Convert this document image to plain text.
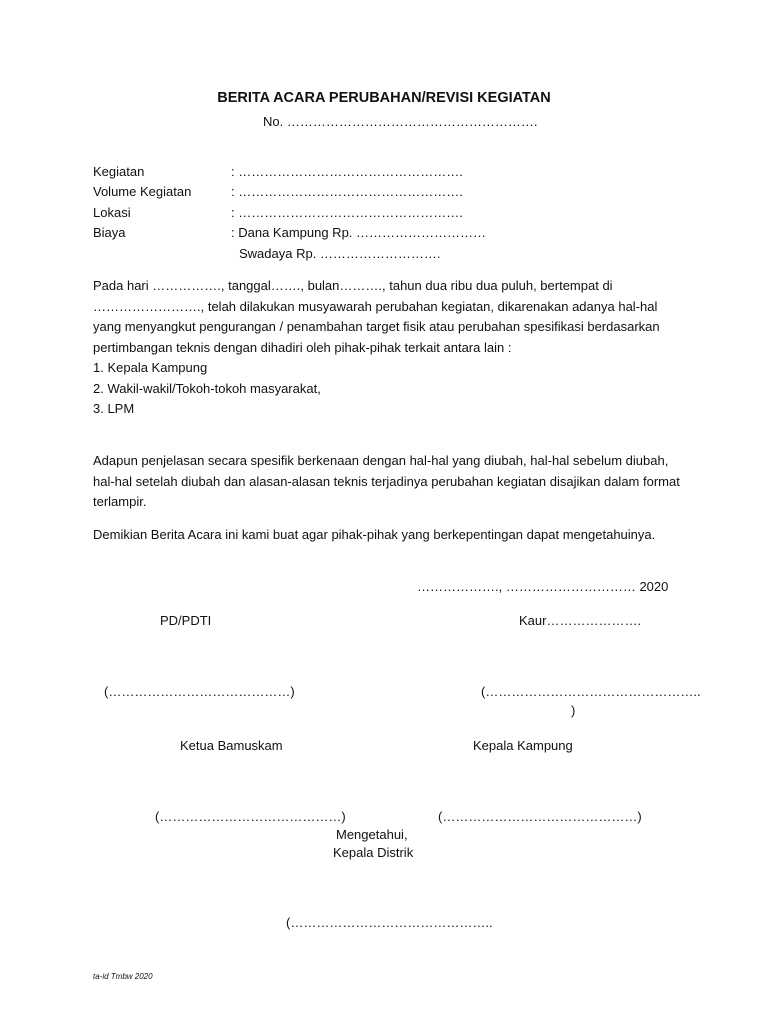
BERITA ACARA PERUBAHAN/REVISI KEGIATAN
No. ………………………………………………….
Kegiatan	: …………………………………………….
Volume Kegiatan	: …………………………………………….
Lokasi	: …………………………………………….
Biaya	: Dana Kampung Rp. …………………………
Swadaya Rp. ……………………….

Pada hari ……………., tanggal……., bulan………., tahun dua ribu dua puluh, bertempat di ……………………., telah dilakukan musyawarah perubahan kegiatan, dikarenakan adanya hal-hal yang menyangkut pengurangan / penambahan target fisik atau perubahan spesifikasi berdasarkan pertimbangan teknis dengan dihadiri oleh pihak-pihak terkait antara lain :

1. Kepala Kampung
2. Wakil-wakil/Tokoh-tokoh masyarakat,
3. LPM
Adapun penjelasan secara spesifik berkenaan dengan hal-hal yang diubah, hal-hal sebelum diubah, hal-hal setelah diubah dan alasan-alasan teknis terjadinya perubahan kegiatan disajikan dalam format terlampir.
Demikian Berita Acara ini kami buat agar pihak-pihak yang berkepentingan dapat mengetahuinya.
………………., ………………………… 2020
PD/PDTI	Kaur………………….
(……………………………………)	(…………………………………………..
)
Ketua Bamuskam	Kepala Kampung
(……………………………………)	(………………………………………)
Mengetahui,
Kepala Distrik
(………………………………………..
ta-id Tmbw 2020
